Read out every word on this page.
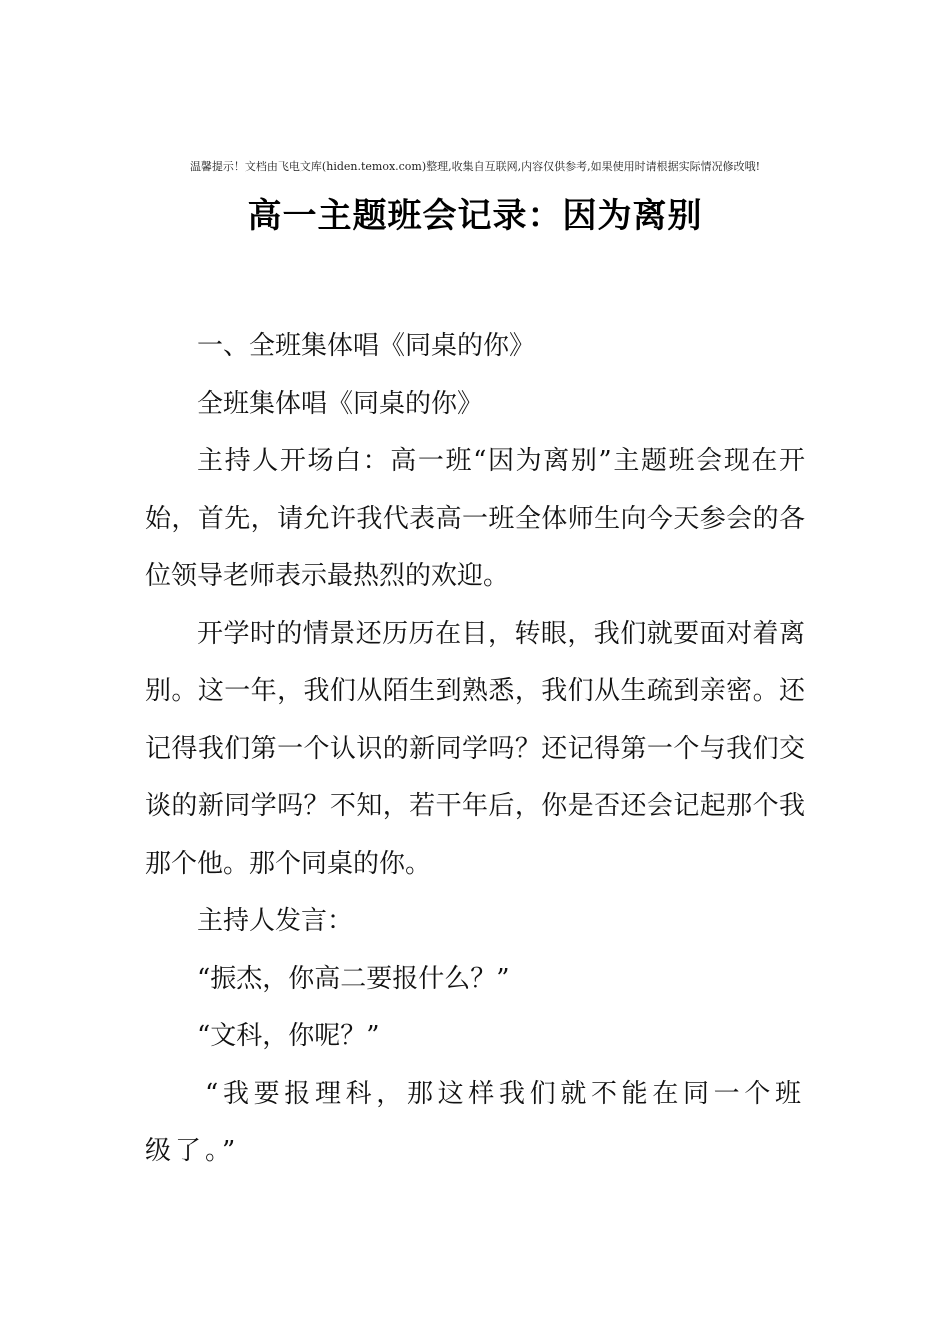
温馨提示！文档由飞电文库(hiden.temox.com)整理,收集自互联网,内容仅供参考,如果使用时请根据实际情况修改哦!
高一主题班会记录：因为离别

一、全班集体唱《同桌的你》

全班集体唱《同桌的你》

主持人开场白：高一班“因为离别”主题班会现在开始，首先，请允许我代表高一班全体师生向今天参会的各位领导老师表示最热烈的欢迎。

开学时的情景还历历在目，转眼，我们就要面对着离别。这一年，我们从陌生到熟悉，我们从生疏到亲密。还记得我们第一个认识的新同学吗？还记得第一个与我们交谈的新同学吗？不知，若干年后，你是否还会记起那个我那个他。那个同桌的你。

主持人发言：

“振杰，你高二要报什么？”

“文科，你呢？”

“我要报理科，那这样我们就不能在同一个班级了。”
